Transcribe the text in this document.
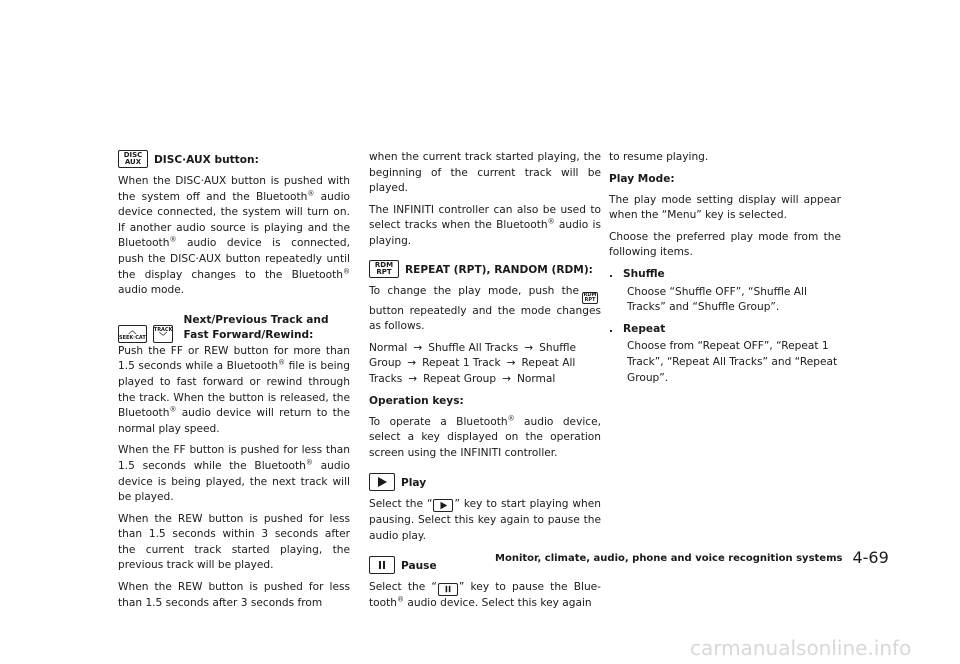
DISC
AUX DISC·AUX button:

When the DISC·AUX button is pushed with the system off and the Bluetooth® audio device connected, the system will turn on. If another audio source is playing and the Bluetooth® audio device is connected, push the DISC·AUX button repeatedly until the display changes to the Bluetooth® audio mode.

︿
SEEK·CAT
TRACK
﹀
Next/Previous Track and Fast Forward/Rewind:

Push the FF or REW button for more than 1.5 seconds while a Bluetooth® file is being played to fast forward or rewind through the track. When the button is released, the Bluetooth® audio device will return to the normal play speed.

When the FF button is pushed for less than 1.5 seconds while the Bluetooth® audio device is being played, the next track will be played.

When the REW button is pushed for less than 1.5 seconds within 3 seconds after the current track started playing, the previous track will be played.

When the REW button is pushed for less than 1.5 seconds after 3 seconds from

when the current track started playing, the beginning of the current track will be played.

The INFINITI controller can also be used to select tracks when the Bluetooth® audio is playing.

RDM
RPT REPEAT (RPT), RANDOM (RDM):

To change the play mode, push the RDM
RPT
button repeatedly and the mode changes as follows.

Normal → Shuffle All Tracks → Shuffle Group → Repeat 1 Track → Repeat All Tracks → Repeat Group → Normal

Operation keys:

To operate a Bluetooth® audio device, select a key displayed on the operation screen using the INFINITI controller.

Play

Select the “ ” key to start playing when pausing. Select this key again to pause the audio play.

Pause

Select the “ ” key to pause the Blue-tooth® audio device. Select this key again

to resume playing.

Play Mode:

The play mode setting display will appear when the “Menu” key is selected.

Choose the preferred play mode from the following items.

. Shuffle
Choose “Shuffle OFF”, “Shuffle All Tracks” and “Shuffle Group”.
. Repeat
Choose from “Repeat OFF”, “Repeat 1 Track”, “Repeat All Tracks” and “Repeat Group”.
Monitor, climate, audio, phone and voice recognition systems 4-69
carmanualsonline.info
